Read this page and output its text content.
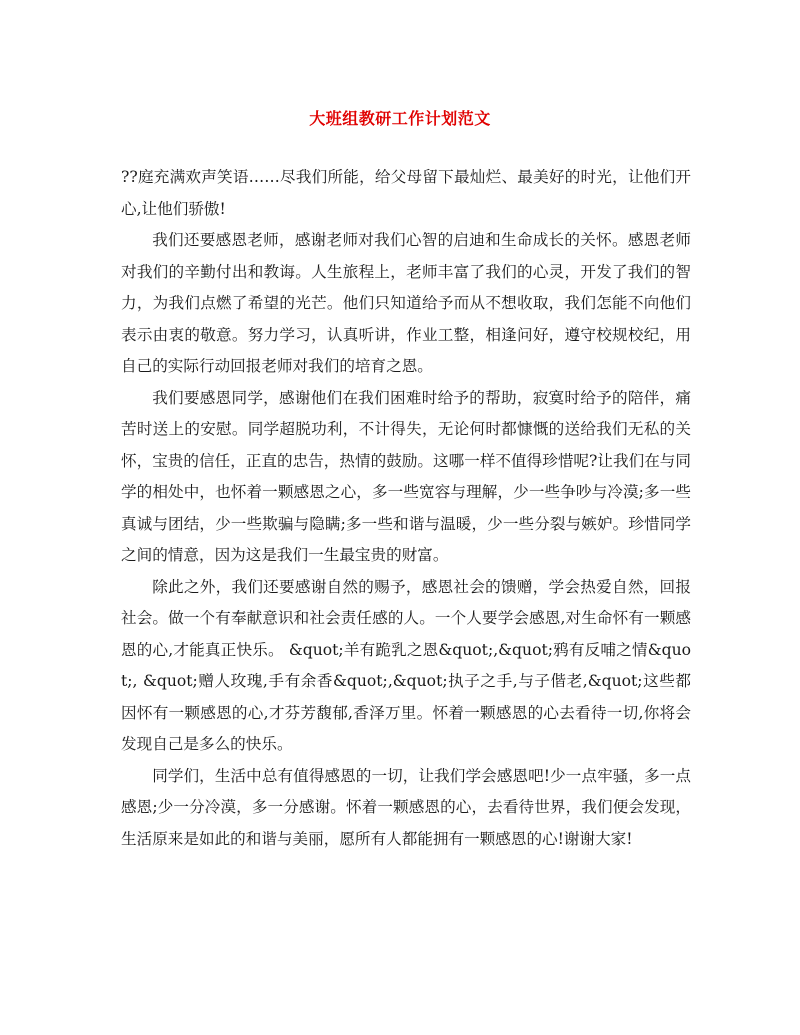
大班组教研工作计划范文

??庭充满欢声笑语……尽我们所能，给父母留下最灿烂、最美好的时光，让他们开心,让他们骄傲!

我们还要感恩老师，感谢老师对我们心智的启迪和生命成长的关怀。感恩老师对我们的辛勤付出和教诲。人生旅程上，老师丰富了我们的心灵，开发了我们的智力，为我们点燃了希望的光芒。他们只知道给予而从不想收取，我们怎能不向他们表示由衷的敬意。努力学习，认真听讲，作业工整，相逢问好，遵守校规校纪，用自己的实际行动回报老师对我们的培育之恩。

我们要感恩同学，感谢他们在我们困难时给予的帮助，寂寞时给予的陪伴，痛苦时送上的安慰。同学超脱功利，不计得失，无论何时都慷慨的送给我们无私的关怀，宝贵的信任，正直的忠告，热情的鼓励。这哪一样不值得珍惜呢?让我们在与同学的相处中，也怀着一颗感恩之心，多一些宽容与理解，少一些争吵与冷漠;多一些真诚与团结，少一些欺骗与隐瞒;多一些和谐与温暖，少一些分裂与嫉妒。珍惜同学之间的情意，因为这是我们一生最宝贵的财富。

除此之外，我们还要感谢自然的赐予，感恩社会的馈赠，学会热爱自然，回报社会。做一个有奉献意识和社会责任感的人。一个人要学会感恩,对生命怀有一颗感恩的心,才能真正快乐。 &quot;羊有跪乳之恩&quot;,&quot;鸦有反哺之情&quot;, &quot;赠人玫瑰,手有余香&quot;,&quot;执子之手,与子偕老,&quot;这些都因怀有一颗感恩的心,才芬芳馥郁,香泽万里。怀着一颗感恩的心去看待一切,你将会发现自己是多么的快乐。

同学们，生活中总有值得感恩的一切，让我们学会感恩吧!少一点牢骚，多一点感恩;少一分冷漠，多一分感谢。怀着一颗感恩的心，去看待世界，我们便会发现，生活原来是如此的和谐与美丽，愿所有人都能拥有一颗感恩的心!谢谢大家!
